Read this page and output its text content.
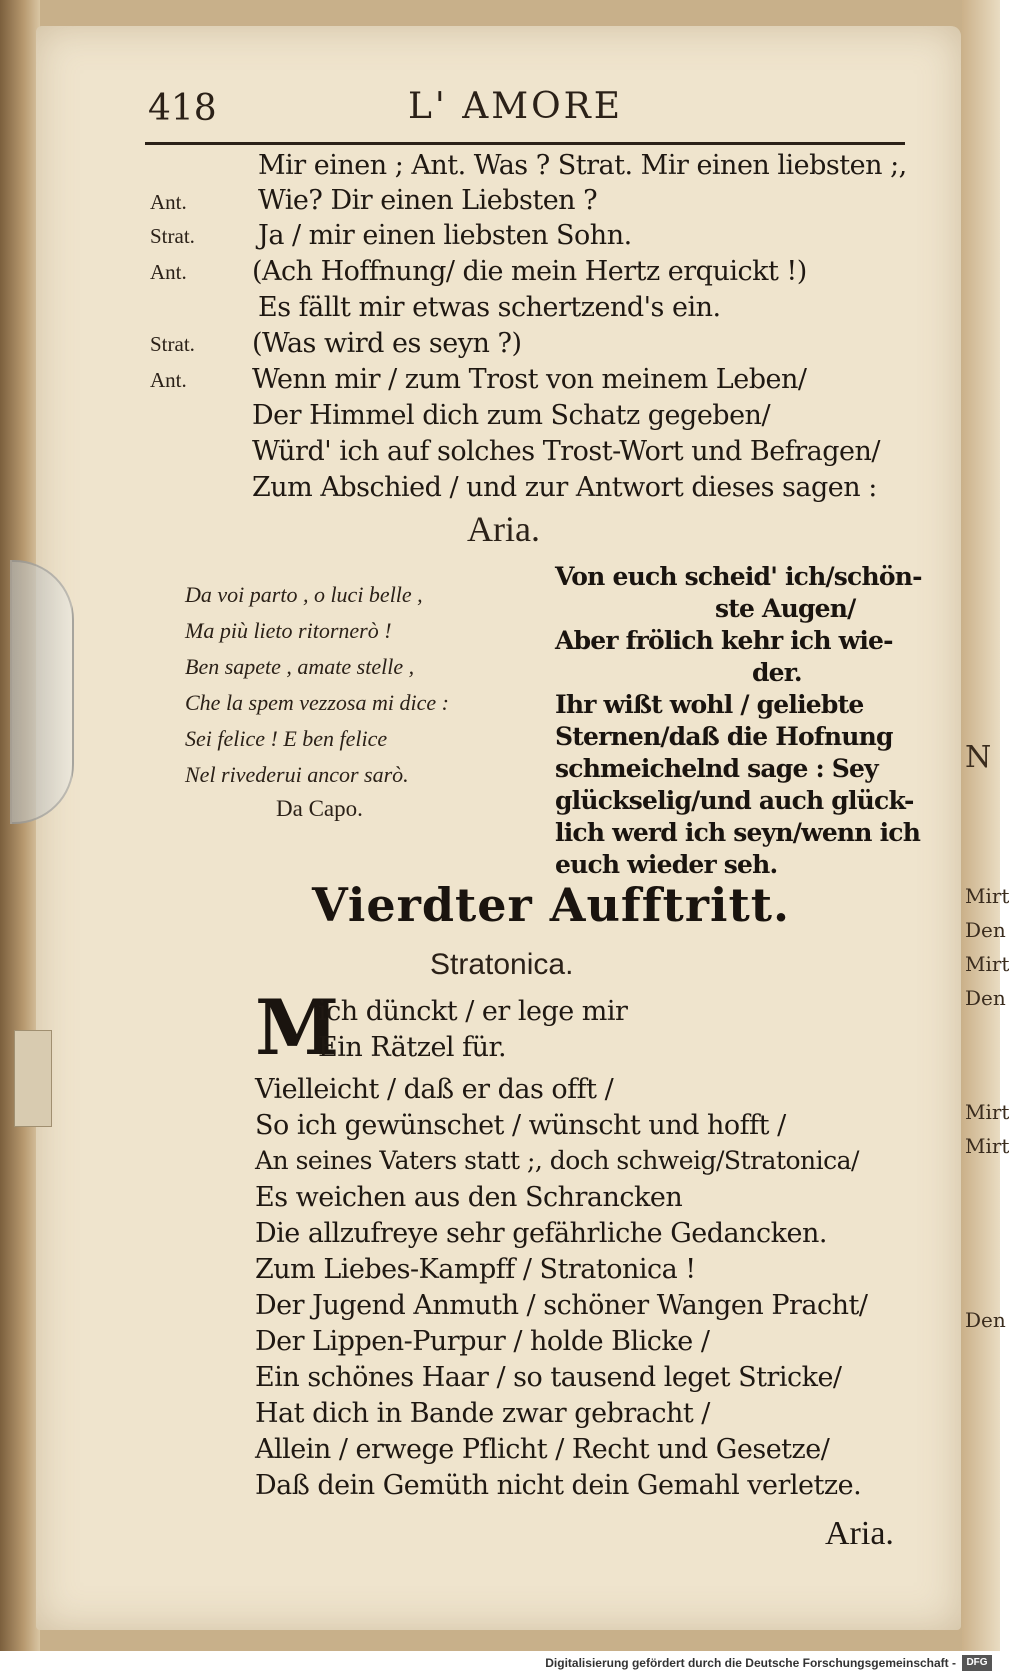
N
Mirt
Den
Mirt
Den
Mirt
Mirt
Den
418	L' AMORE
Mir einen ; Ant. Was ? Strat. Mir einen liebsten ;,
Ant.	Wie? Dir einen Liebsten ?
Strat. Ja / mir einen liebsten Sohn.
Ant. (Ach Hoffnung/ die mein Hertz erquickt !)
Es fällt mir etwas schertzend's ein.
Strat. (Was wird es seyn ?)
Ant. Wenn mir / zum Trost von meinem Leben/
Der Himmel dich zum Schatz gegeben/
Würd' ich auf solches Trost-Wort und Befragen/
Zum Abschied / und zur Antwort dieses sagen :
Aria.
Da voi parto , o luci belle ,
Ma più lieto ritornerò !
Ben sapete , amate stelle ,
Che la spem vezzosa mi dice :
Sei felice ! E ben felice
Nel rivederui ancor sarò.
Da Capo.
Von euch scheid' ich/schön-
ste Augen/
Aber frölich kehr ich wie-
der.
Ihr wißt wohl / geliebte
Sternen/daß die Hofnung
schmeichelnd sage : Sey
glückselig/und auch glück-
lich werd ich seyn/wenn ich
euch wieder seh.
Vierdter Aufftritt.
Stratonica.
M
ich dünckt / er lege mir
Ein Rätzel für.
Vielleicht / daß er das offt /
So ich gewünschet / wünscht und hofft /
An seines Vaters statt ;, doch schweig/Stratonica/
Es weichen aus den Schrancken
Die allzufreye sehr gefährliche Gedancken.
Zum Liebes-Kampff / Stratonica !
Der Jugend Anmuth / schöner Wangen Pracht/
Der Lippen-Purpur / holde Blicke /
Ein schönes Haar / so tausend leget Stricke/
Hat dich in Bande zwar gebracht /
Allein / erwege Pflicht / Recht und Gesetze/
Daß dein Gemüth nicht dein Gemahl verletze.
Aria.
Digitalisierung gefördert durch die Deutsche Forschungsgemeinschaft -	DFG
